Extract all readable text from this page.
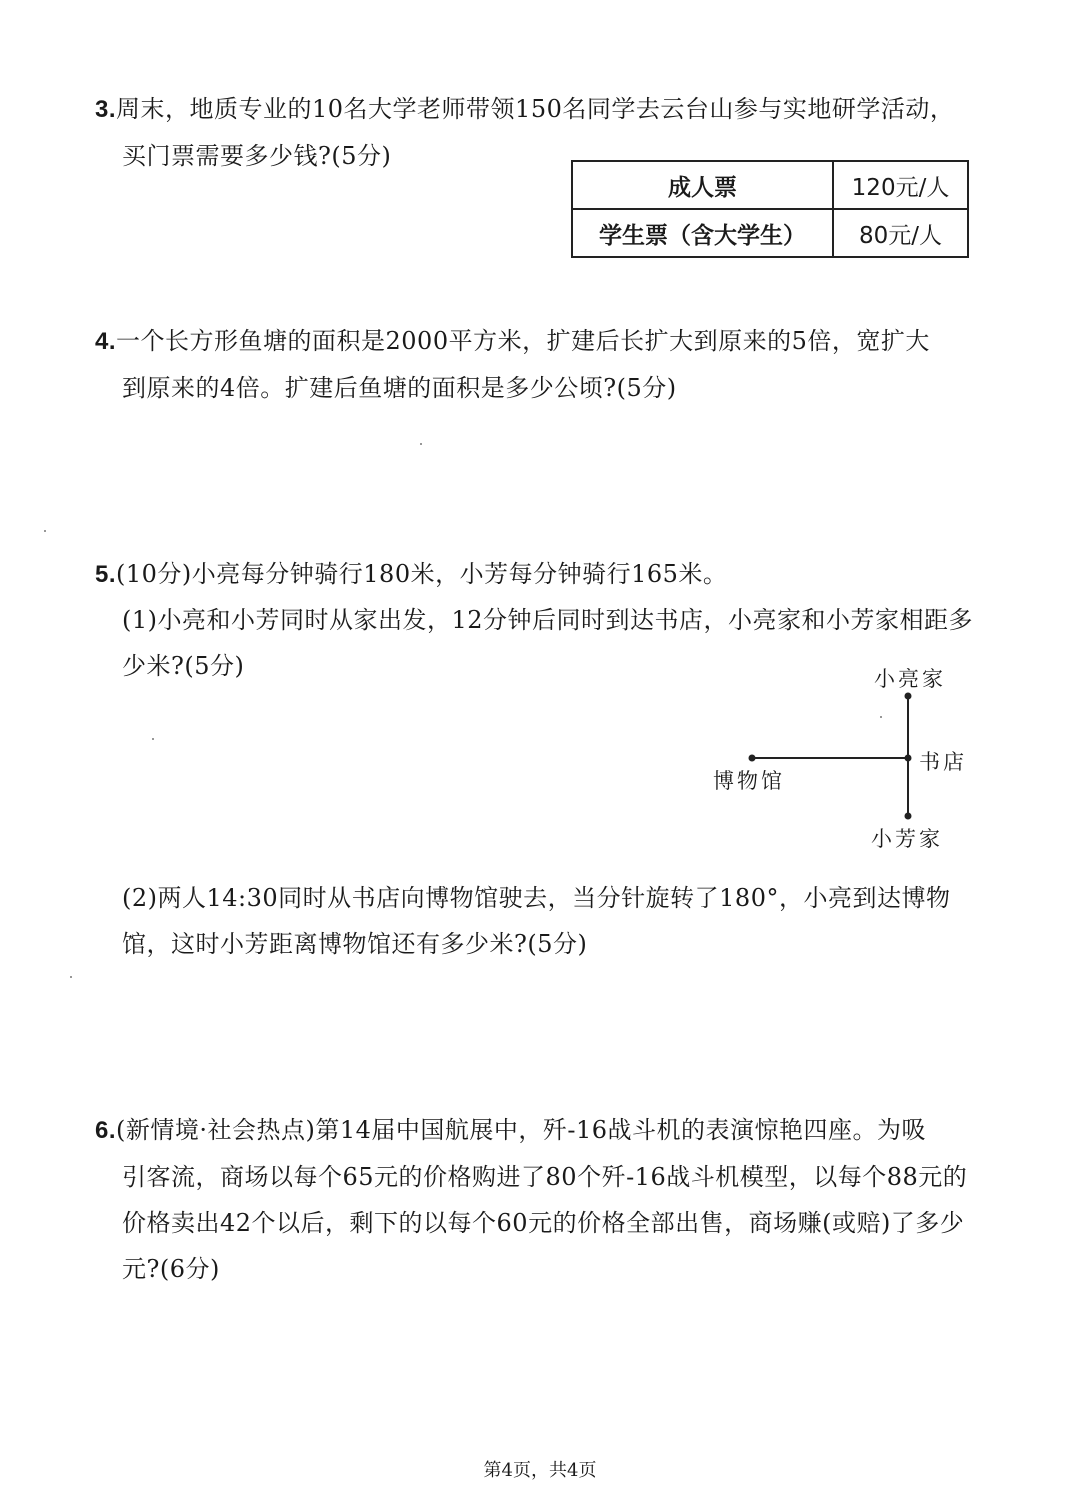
3.周末，地质专业的10名大学老师带领150名同学去云台山参与实地研学活动，
买门票需要多少钱?(5分)
成人票	120元/人
学生票（含大学生）	80元/人
4.一个长方形鱼塘的面积是2000平方米，扩建后长扩大到原来的5倍，宽扩大
到原来的4倍。扩建后鱼塘的面积是多少公顷?(5分)
5.(10分)小亮每分钟骑行180米，小芳每分钟骑行165米。
(1)小亮和小芳同时从家出发，12分钟后同时到达书店，小亮家和小芳家相距多
少米?(5分)	小亮家
书店
博物馆
小芳家
(2)两人14:30同时从书店向博物馆驶去，当分针旋转了180°，小亮到达博物
馆，这时小芳距离博物馆还有多少米?(5分)
6.(新情境·社会热点)第14届中国航展中，歼-16战斗机的表演惊艳四座。为吸
引客流，商场以每个65元的价格购进了80个歼-16战斗机模型，以每个88元的
价格卖出42个以后，剩下的以每个60元的价格全部出售，商场赚(或赔)了多少
元?(6分)
第4页，共4页
